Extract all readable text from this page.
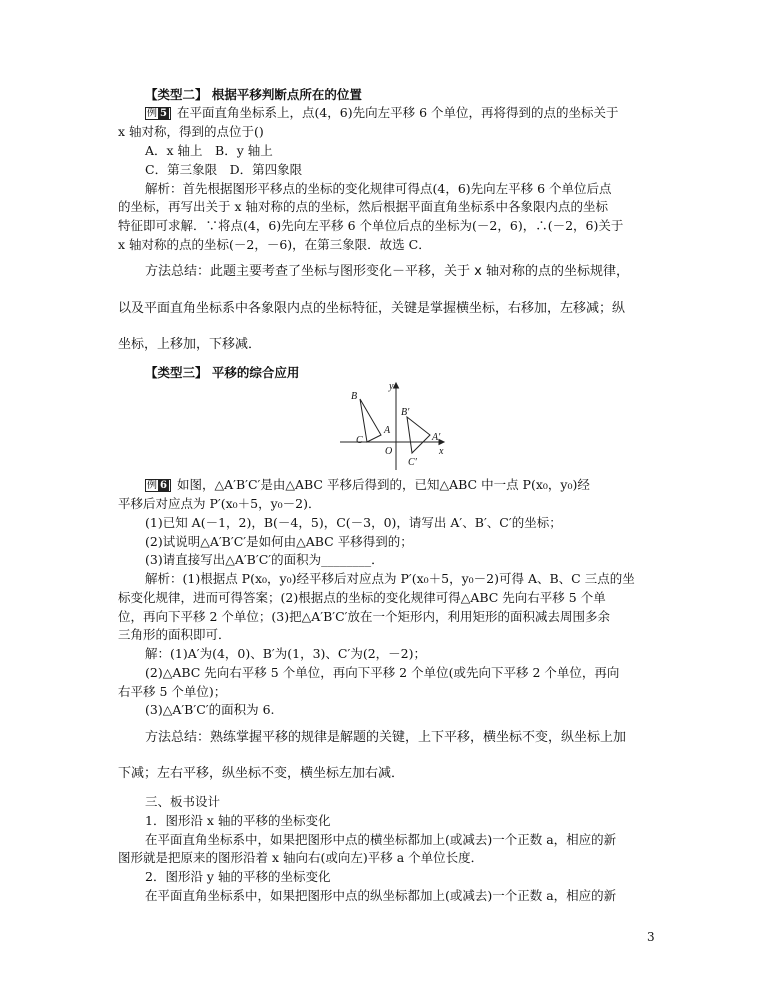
【类型二】 根据平移判断点所在的位置
例 5 在平面直角坐标系上，点(4，6)先向左平移 6 个单位，再将得到的点的坐标关于
x 轴对称，得到的点位于()
A．x 轴上　B．y 轴上
C．第三象限　D．第四象限
解析：首先根据图形平移点的坐标的变化规律可得点(4，6)先向左平移 6 个单位后点
的坐标，再写出关于 x 轴对称的点的坐标，然后根据平面直角坐标系中各象限内点的坐标
特征即可求解．∵将点(4，6)先向左平移 6 个单位后点的坐标为(－2，6)，∴(－2，6)关于
x 轴对称的点的坐标(－2，－6)，在第三象限．故选 C．
方法总结：此题主要考查了坐标与图形变化－平移，关于 x 轴对称的点的坐标规律，
以及平面直角坐标系中各象限内点的坐标特征，关键是掌握横坐标，右移加，左移减；纵
坐标，上移加，下移减．
【类型三】 平移的综合应用
y
x
O
B
A
C
B′
A′
C′
例 6 如图，△A′B′C′是由△ABC 平移后得到的，已知△ABC 中一点 P(x₀，y₀)经
平移后对应点为 P′(x₀＋5，y₀－2)．
(1)已知 A(－1，2)，B(－4，5)，C(－3，0)，请写出 A′、B′、C′的坐标；
(2)试说明△A′B′C′是如何由△ABC 平移得到的；
(3)请直接写出△A′B′C′的面积为________．
解析：(1)根据点 P(x₀，y₀)经平移后对应点为 P′(x₀＋5，y₀－2)可得 A、B、C 三点的坐
标变化规律，进而可得答案；(2)根据点的坐标的变化规律可得△ABC 先向右平移 5 个单
位，再向下平移 2 个单位；(3)把△A′B′C′放在一个矩形内，利用矩形的面积减去周围多余
三角形的面积即可．
解：(1)A′为(4，0)、B′为(1，3)、C′为(2，－2)；
(2)△ABC 先向右平移 5 个单位，再向下平移 2 个单位(或先向下平移 2 个单位，再向
右平移 5 个单位)；
(3)△A′B′C′的面积为 6.
方法总结：熟练掌握平移的规律是解题的关键，上下平移，横坐标不变，纵坐标上加
下减；左右平移，纵坐标不变，横坐标左加右减．
三、板书设计
1．图形沿 x 轴的平移的坐标变化
在平面直角坐标系中，如果把图形中点的横坐标都加上(或减去)一个正数 a，相应的新
图形就是把原来的图形沿着 x 轴向右(或向左)平移 a 个单位长度．
2．图形沿 y 轴的平移的坐标变化
在平面直角坐标系中，如果把图形中点的纵坐标都加上(或减去)一个正数 a，相应的新
3
